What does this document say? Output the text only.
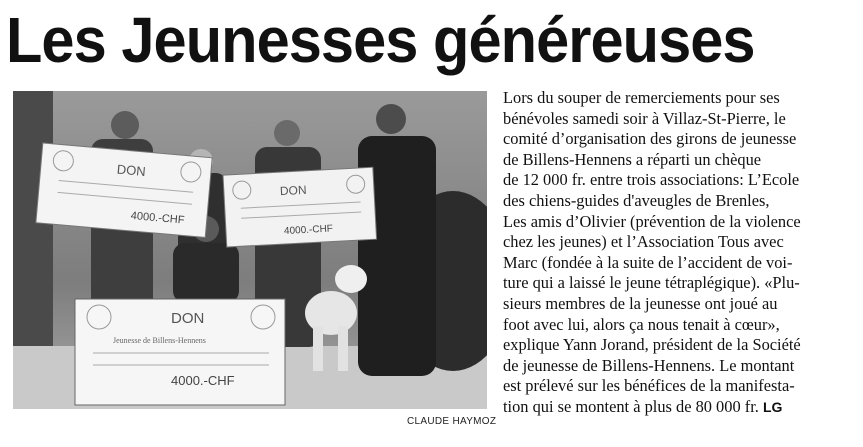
Les Jeunesses généreuses
DON
4000.-CHF
DON
4000.-CHF
DON
Jeunesse de Billens-Hennens
4000.-CHF
CLAUDE HAYMOZ

Lors du souper de remerciements pour ses

bénévoles samedi soir à Villaz-St-Pierre, le

comité d’organisation des girons de jeunesse

de Billens-Hennens a réparti un chèque

de 12 000 fr. entre trois associations: L’Ecole

des chiens-guides d'aveugles de Brenles,

Les amis d’Olivier (prévention de la violence

chez les jeunes) et l’Association Tous avec

Marc (fondée à la suite de l’accident de voi-

ture qui a laissé le jeune tétraplégique). «Plu-

sieurs membres de la jeunesse ont joué au

foot avec lui, alors ça nous tenait à cœur»,

explique Yann Jorand, président de la Société

de jeunesse de Billens-Hennens. Le montant

est prélevé sur les bénéfices de la manifesta-

tion qui se montent à plus de 80 000 fr. LG
